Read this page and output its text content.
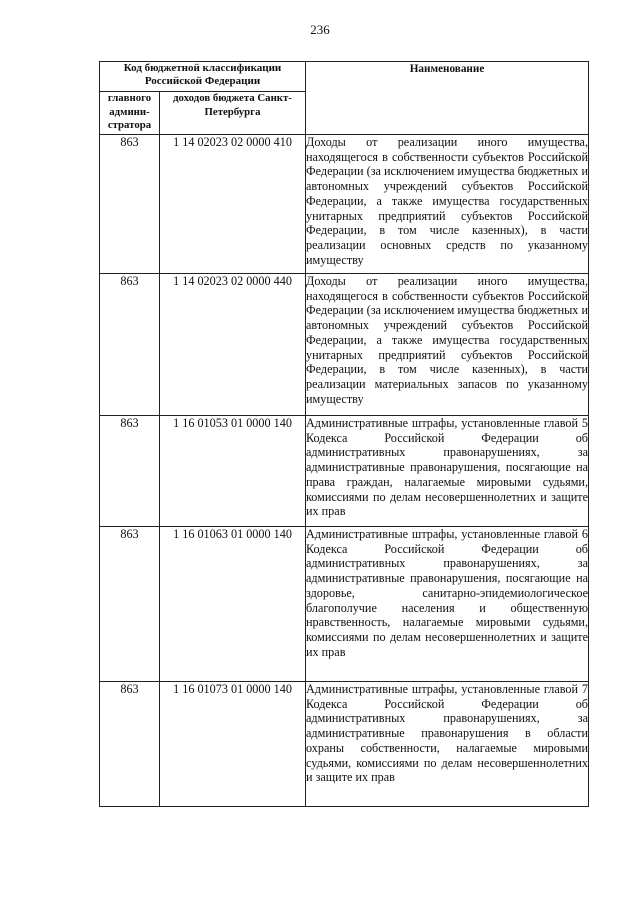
236
Код бюджетной классификации Российской Федерации		Наименование
главного админи-стратора	доходов бюджета Санкт-Петербурга	
863	1 14 02023 02 0000 410	Доходы от реализации иного имущества, находящегося в собственности субъектов Российской Федерации (за исключением имущества бюджетных и автономных учреждений субъектов Российской Федерации, а также имущества государственных унитарных предприятий субъектов Российской Федерации, в том числе казенных), в части реализации основных средств по указанному имуществу
863	1 14 02023 02 0000 440	Доходы от реализации иного имущества, находящегося в собственности субъектов Российской Федерации (за исключением имущества бюджетных и автономных учреждений субъектов Российской Федерации, а также имущества государственных унитарных предприятий субъектов Российской Федерации, в том числе казенных), в части реализации материальных запасов по указанному имуществу
863	1 16 01053 01 0000 140	Административные штрафы, установленные главой 5 Кодекса Российской Федерации об административных правонарушениях, за административные правонарушения, посягающие на права граждан, налагаемые мировыми судьями, комиссиями по делам несовершеннолетних и защите их прав
863	1 16 01063 01 0000 140	Административные штрафы, установленные главой 6 Кодекса Российской Федерации об административных правонарушениях, за административные правонарушения, посягающие на здоровье, санитарно-эпидемиологическое благополучие населения и общественную нравственность, налагаемые мировыми судьями, комиссиями по делам несовершеннолетних и защите их прав
863	1 16 01073 01 0000 140	Административные штрафы, установленные главой 7 Кодекса Российской Федерации об административных правонарушениях, за административные правонарушения в области охраны собственности, налагаемые мировыми судьями, комиссиями по делам несовершеннолетних и защите их прав
